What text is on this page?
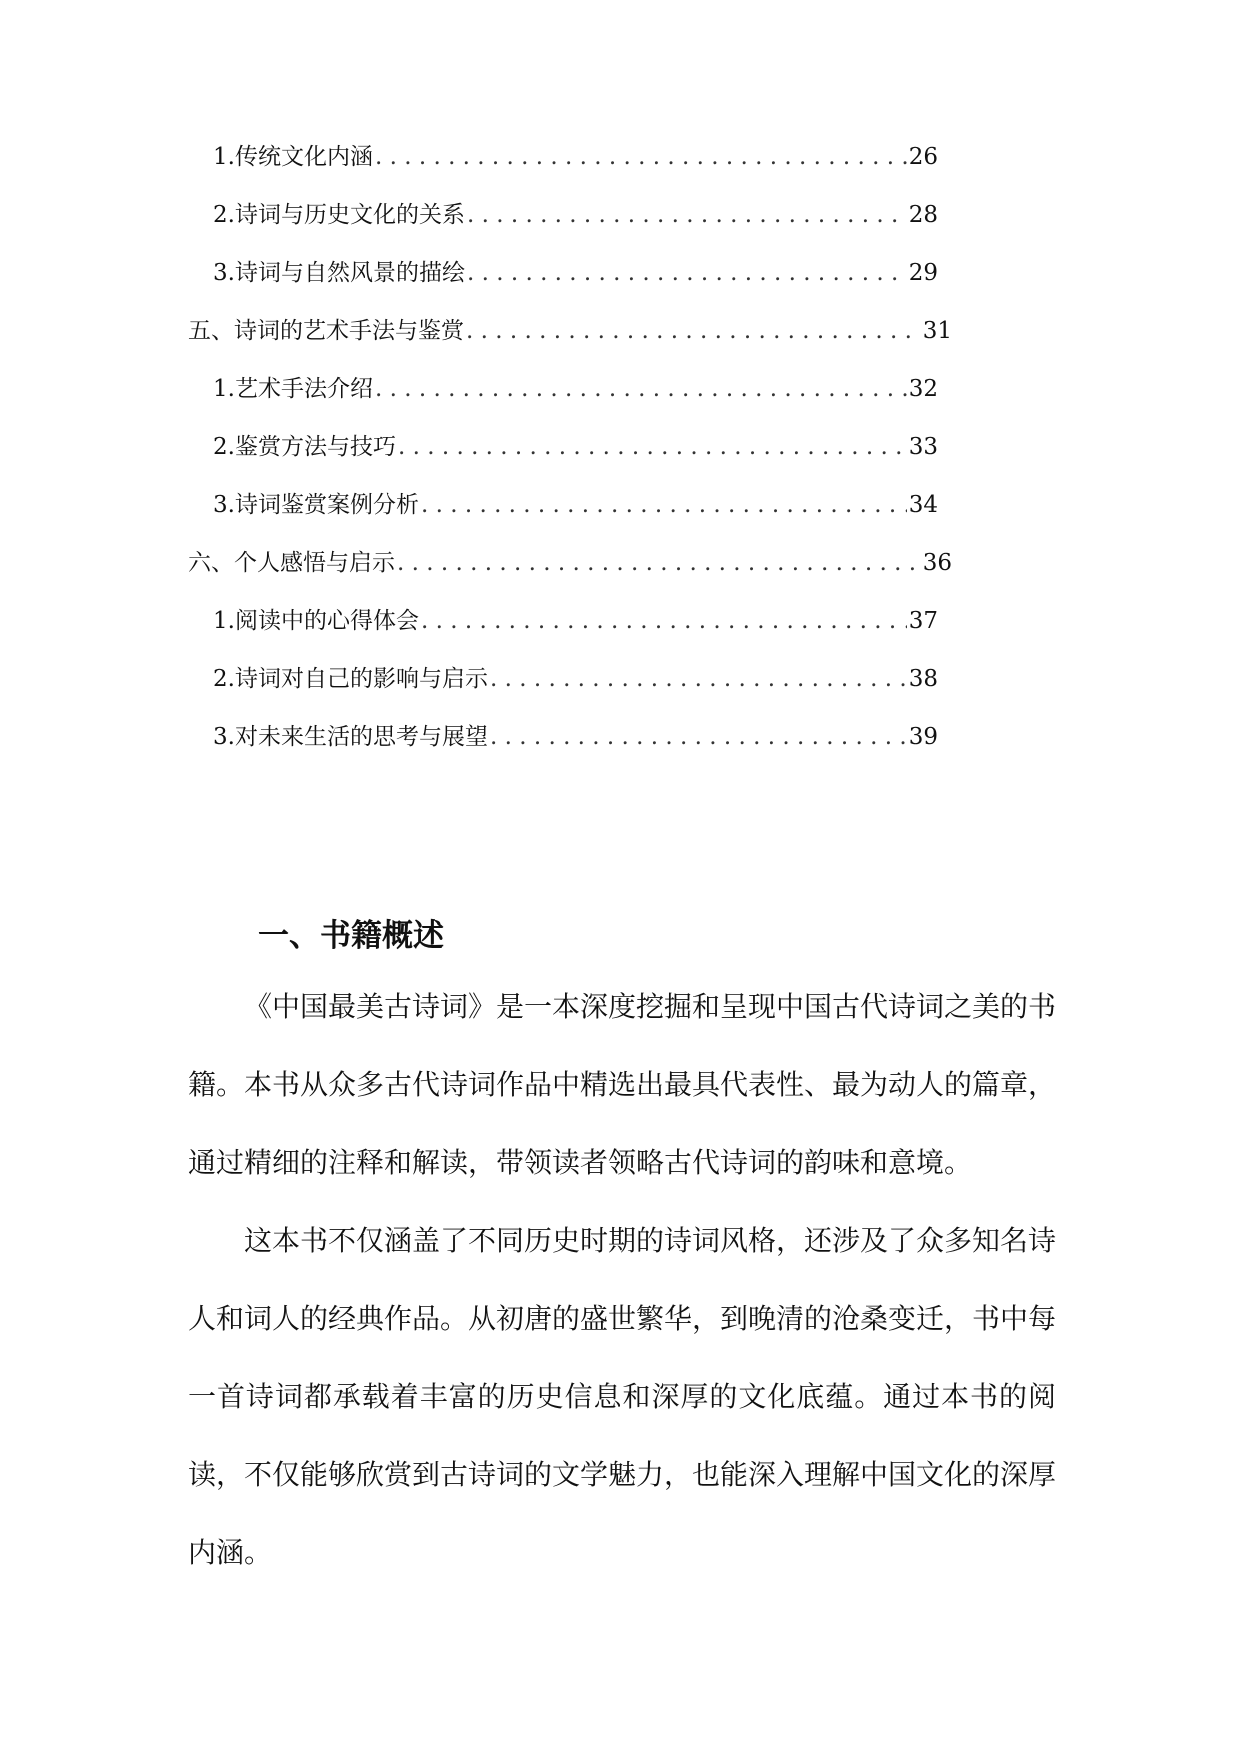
1. 传统文化内涵 . . .	26
2. 诗词与历史文化的关系 . . .	28
3. 诗词与自然风景的描绘 . . .	29
五、诗词的艺术手法与鉴赏 . . .	31
1. 艺术手法介绍 . . .	32
2. 鉴赏方法与技巧 . . .	33
3. 诗词鉴赏案例分析 . . .	34
六、个人感悟与启示 . . .	36
1. 阅读中的心得体会 . . .	37
2. 诗词对自己的影响与启示 . . .	38
3. 对未来生活的思考与展望 . . .	39
一、书籍概述

《中国最美古诗词》是一本深度挖掘和呈现中国古代诗词之美的书籍。本书从众多古代诗词作品中精选出最具代表性、最为动人的篇章，通过精细的注释和解读，带领读者领略古代诗词的韵味和意境。

这本书不仅涵盖了不同历史时期的诗词风格，还涉及了众多知名诗人和词人的经典作品。从初唐的盛世繁华，到晚清的沧桑变迁，书中每一首诗词都承载着丰富的历史信息和深厚的文化底蕴。通过本书的阅读，不仅能够欣赏到古诗词的文学魅力，也能深入理解中国文化的深厚内涵。
